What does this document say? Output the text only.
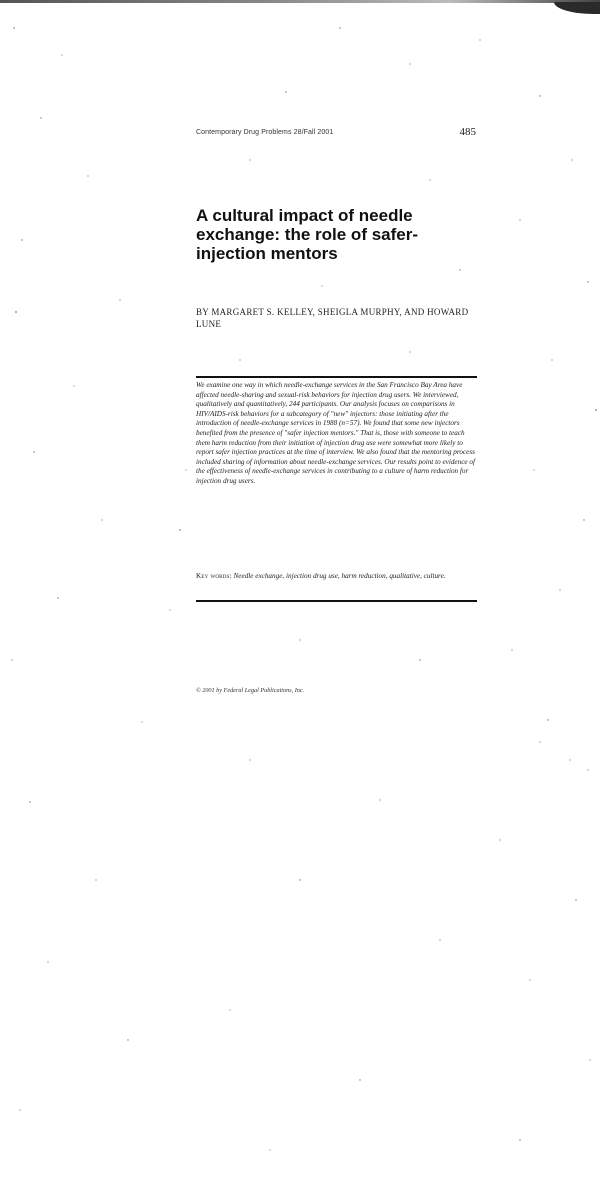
Contemporary Drug Problems 28/Fall 2001	485
A cultural impact of needle exchange: the role of safer-injection mentors
BY MARGARET S. KELLEY, SHEIGLA MURPHY, AND HOWARD LUNE

We examine one way in which needle-exchange services in the San Francisco Bay Area have affected needle-sharing and sexual-risk behaviors for injection drug users. We interviewed, qualitatively and quantitatively, 244 participants. Our analysis focuses on comparisons in HIV/AIDS-risk behaviors for a subcategory of "new" injectors: those initiating after the introduction of needle-exchange services in 1988 (n=57). We found that some new injectors benefited from the presence of "safer injection mentors." That is, those with someone to teach them harm reduction from their initiation of injection drug use were somewhat more likely to report safer injection practices at the time of interview. We also found that the mentoring process included sharing of information about needle-exchange services. Our results point to evidence of the effectiveness of needle-exchange services in contributing to a culture of harm reduction for injection drug users.

Key words: Needle exchange, injection drug use, harm reduction, qualitative, culture.
© 2001 by Federal Legal Publications, Inc.
